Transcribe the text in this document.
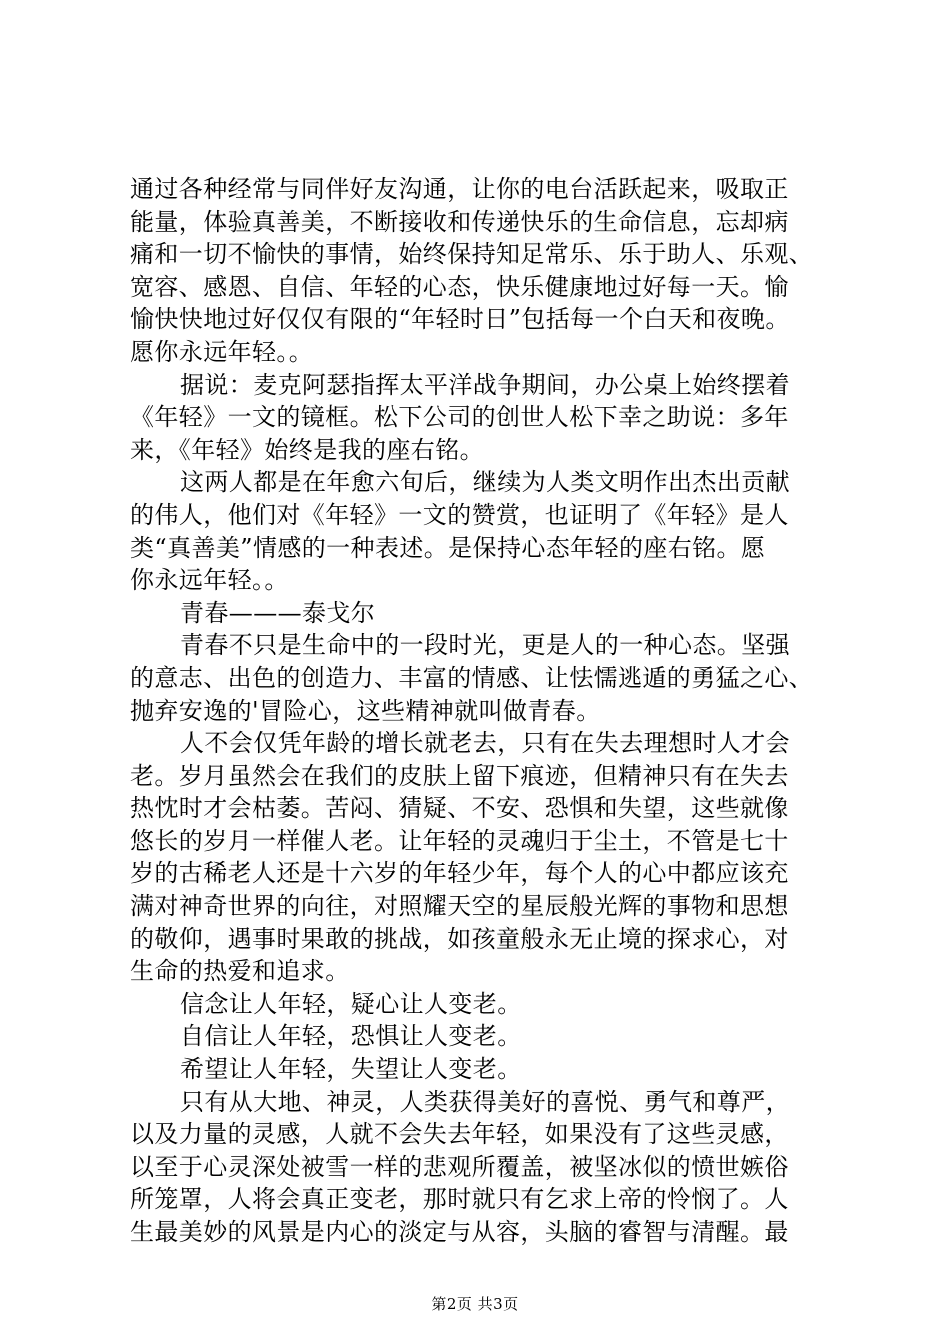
通过各种经常与同伴好友沟通，让你的电台活跃起来，吸取正
能量，体验真善美，不断接收和传递快乐的生命信息，忘却病
痛和一切不愉快的事情，始终保持知足常乐、乐于助人、乐观、
宽容、感恩、自信、年轻的心态，快乐健康地过好每一天。愉
愉快快地过好仅仅有限的“年轻时日”包括每一个白天和夜晚。
愿你永远年轻。。
据说：麦克阿瑟指挥太平洋战争期间，办公桌上始终摆着
《年轻》一文的镜框。松下公司的创世人松下幸之助说：多年
来，《年轻》始终是我的座右铭。
这两人都是在年愈六旬后，继续为人类文明作出杰出贡献
的伟人，他们对《年轻》一文的赞赏，也证明了《年轻》是人
类“真善美”情感的一种表述。是保持心态年轻的座右铭。愿
你永远年轻。。
青春———泰戈尔
青春不只是生命中的一段时光，更是人的一种心态。坚强
的意志、出色的创造力、丰富的情感、让怯懦逃遁的勇猛之心、
抛弃安逸的'冒险心，这些精神就叫做青春。
人不会仅凭年龄的增长就老去，只有在失去理想时人才会
老。岁月虽然会在我们的皮肤上留下痕迹，但精神只有在失去
热忱时才会枯萎。苦闷、猜疑、不安、恐惧和失望，这些就像
悠长的岁月一样催人老。让年轻的灵魂归于尘土，不管是七十
岁的古稀老人还是十六岁的年轻少年，每个人的心中都应该充
满对神奇世界的向往，对照耀天空的星辰般光辉的事物和思想
的敬仰，遇事时果敢的挑战，如孩童般永无止境的探求心，对
生命的热爱和追求。
信念让人年轻，疑心让人变老。
自信让人年轻，恐惧让人变老。
希望让人年轻，失望让人变老。
只有从大地、神灵，人类获得美好的喜悦、勇气和尊严，
以及力量的灵感，人就不会失去年轻，如果没有了这些灵感，
以至于心灵深处被雪一样的悲观所覆盖，被坚冰似的愤世嫉俗
所笼罩，人将会真正变老，那时就只有乞求上帝的怜悯了。人
生最美妙的风景是内心的淡定与从容，头脑的睿智与清醒。最
第2页 共3页
